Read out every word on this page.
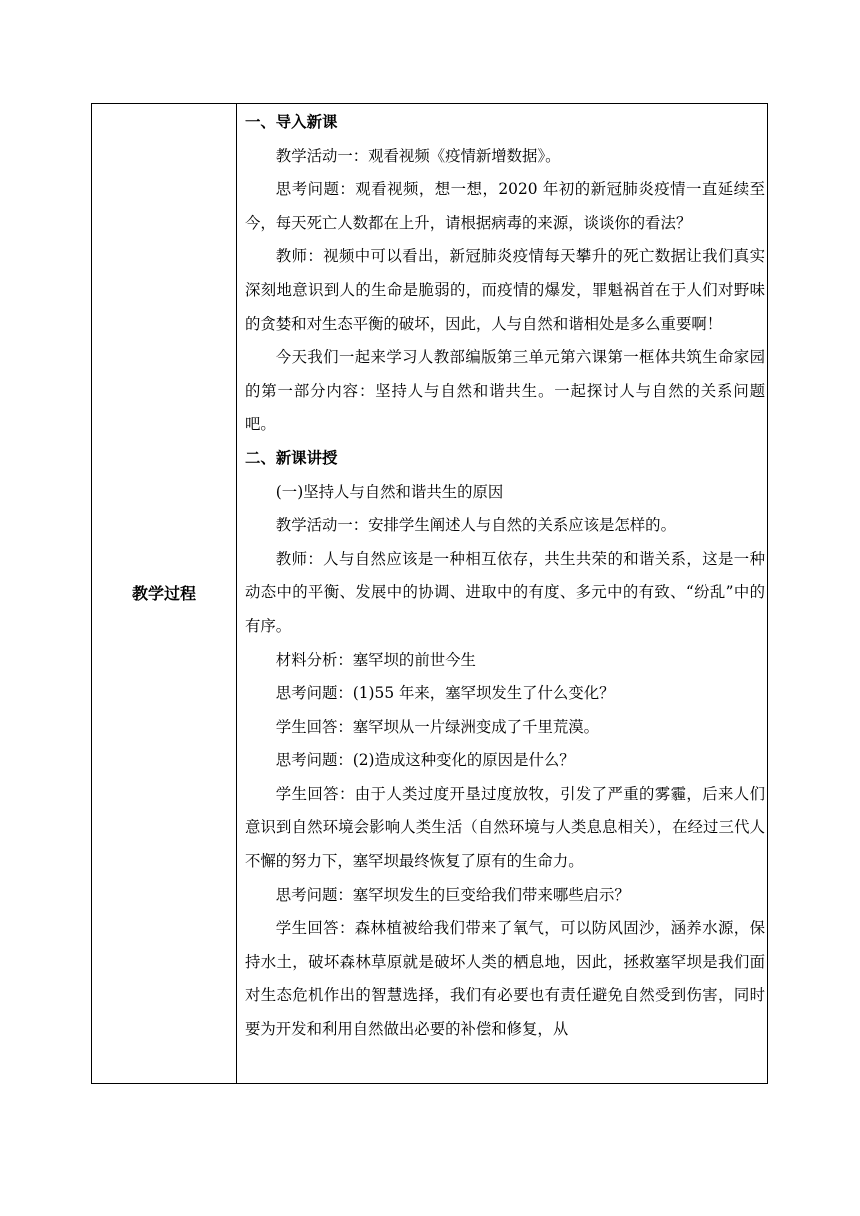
教学过程
一、导入新课

教学活动一：观看视频《疫情新增数据》。

思考问题：观看视频，想一想，2020 年初的新冠肺炎疫情一直延续至今，每天死亡人数都在上升，请根据病毒的来源，谈谈你的看法？

教师：视频中可以看出，新冠肺炎疫情每天攀升的死亡数据让我们真实深刻地意识到人的生命是脆弱的，而疫情的爆发，罪魁祸首在于人们对野味的贪婪和对生态平衡的破坏，因此，人与自然和谐相处是多么重要啊！

今天我们一起来学习人教部编版第三单元第六课第一框体共筑生命家园的第一部分内容：坚持人与自然和谐共生。一起探讨人与自然的关系问题吧。

二、新课讲授

(一)坚持人与自然和谐共生的原因

教学活动一：安排学生阐述人与自然的关系应该是怎样的。

教师：人与自然应该是一种相互依存，共生共荣的和谐关系，这是一种动态中的平衡、发展中的协调、进取中的有度、多元中的有致、“纷乱”中的有序。

材料分析：塞罕坝的前世今生

思考问题：(1)55 年来，塞罕坝发生了什么变化？

学生回答：塞罕坝从一片绿洲变成了千里荒漠。

思考问题：(2)造成这种变化的原因是什么？

学生回答：由于人类过度开垦过度放牧，引发了严重的雾霾，后来人们意识到自然环境会影响人类生活（自然环境与人类息息相关），在经过三代人不懈的努力下，塞罕坝最终恢复了原有的生命力。

思考问题：塞罕坝发生的巨变给我们带来哪些启示？

学生回答：森林植被给我们带来了氧气，可以防风固沙，涵养水源，保持水土，破坏森林草原就是破坏人类的栖息地，因此，拯救塞罕坝是我们面对生态危机作出的智慧选择，我们有必要也有责任避免自然受到伤害，同时要为开发和利用自然做出必要的补偿和修复，从
